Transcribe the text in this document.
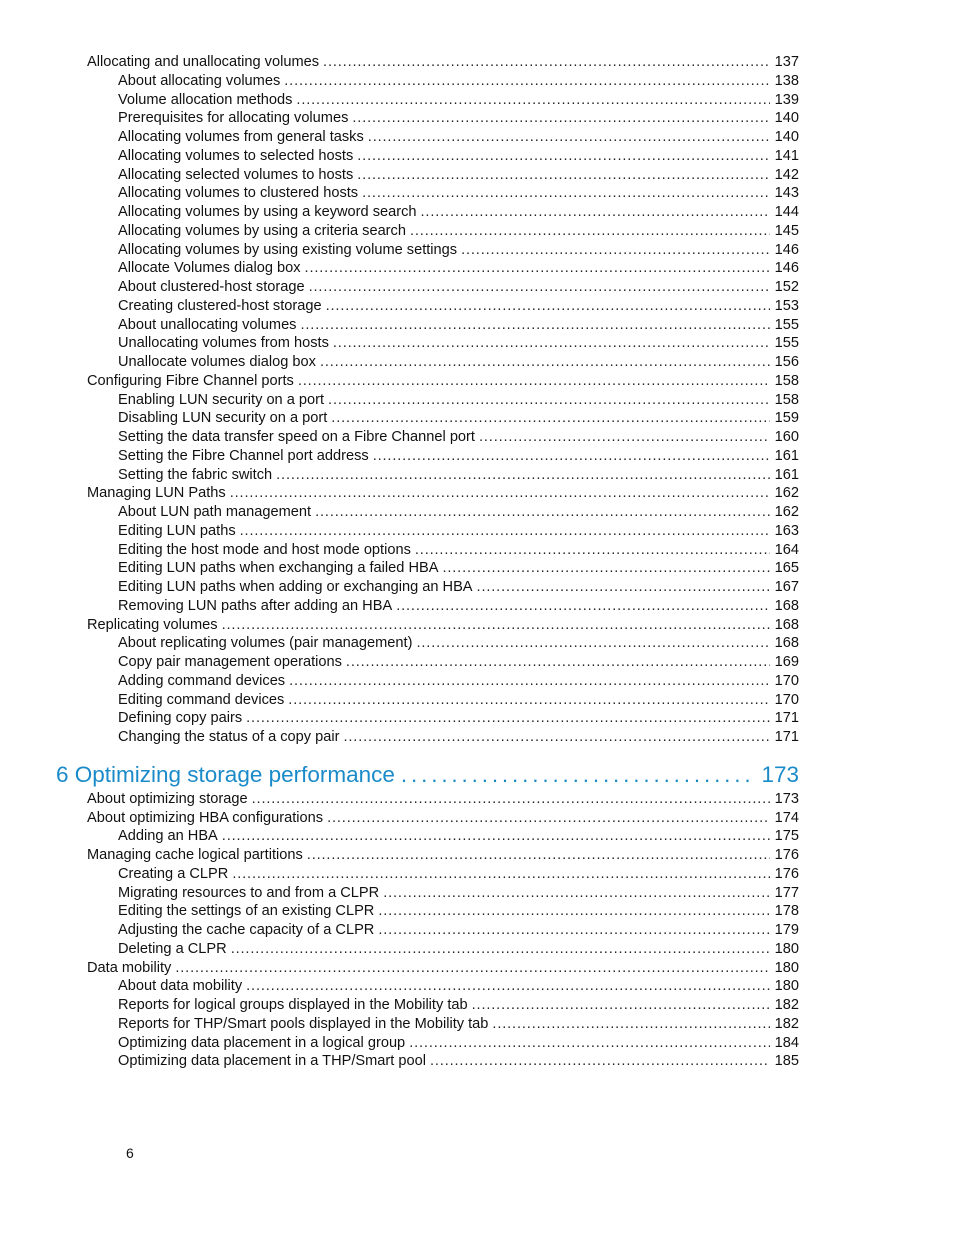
Allocating and unallocating volumes . . .	137
About allocating volumes . . .	138
Volume allocation methods . . .	139
Prerequisites for allocating volumes . . .	140
Allocating volumes from general tasks . . .	140
Allocating volumes to selected hosts . . .	141
Allocating selected volumes to hosts . . .	142
Allocating volumes to clustered hosts . . .	143
Allocating volumes by using a keyword search . . .	144
Allocating volumes by using a criteria search . . .	145
Allocating volumes by using existing volume settings . . .	146
Allocate Volumes dialog box . . .	146
About clustered-host storage . . .	152
Creating clustered-host storage . . .	153
About unallocating volumes . . .	155
Unallocating volumes from hosts . . .	155
Unallocate volumes dialog box . . .	156
Configuring Fibre Channel ports . . .	158
Enabling LUN security on a port . . .	158
Disabling LUN security on a port . . .	159
Setting the data transfer speed on a Fibre Channel port . . .	160
Setting the Fibre Channel port address . . .	161
Setting the fabric switch . . .	161
Managing LUN Paths . . .	162
About LUN path management . . .	162
Editing LUN paths . . .	163
Editing the host mode and host mode options . . .	164
Editing LUN paths when exchanging a failed HBA . . .	165
Editing LUN paths when adding or exchanging an HBA . . .	167
Removing LUN paths after adding an HBA . . .	168
Replicating volumes . . .	168
About replicating volumes (pair management) . . .	168
Copy pair management operations . . .	169
Adding command devices . . .	170
Editing command devices . . .	170
Defining copy pairs . . .	171
Changing the status of a copy pair . . .	171
6 Optimizing storage performance . . .	173
About optimizing storage . . .	173
About optimizing HBA configurations . . .	174
Adding an HBA . . .	175
Managing cache logical partitions . . .	176
Creating a CLPR . . .	176
Migrating resources to and from a CLPR . . .	177
Editing the settings of an existing CLPR . . .	178
Adjusting the cache capacity of a CLPR . . .	179
Deleting a CLPR . . .	180
Data mobility . . .	180
About data mobility . . .	180
Reports for logical groups displayed in the Mobility tab . . .	182
Reports for THP/Smart pools displayed in the Mobility tab . . .	182
Optimizing data placement in a logical group . . .	184
Optimizing data placement in a THP/Smart pool . . .	185
6
